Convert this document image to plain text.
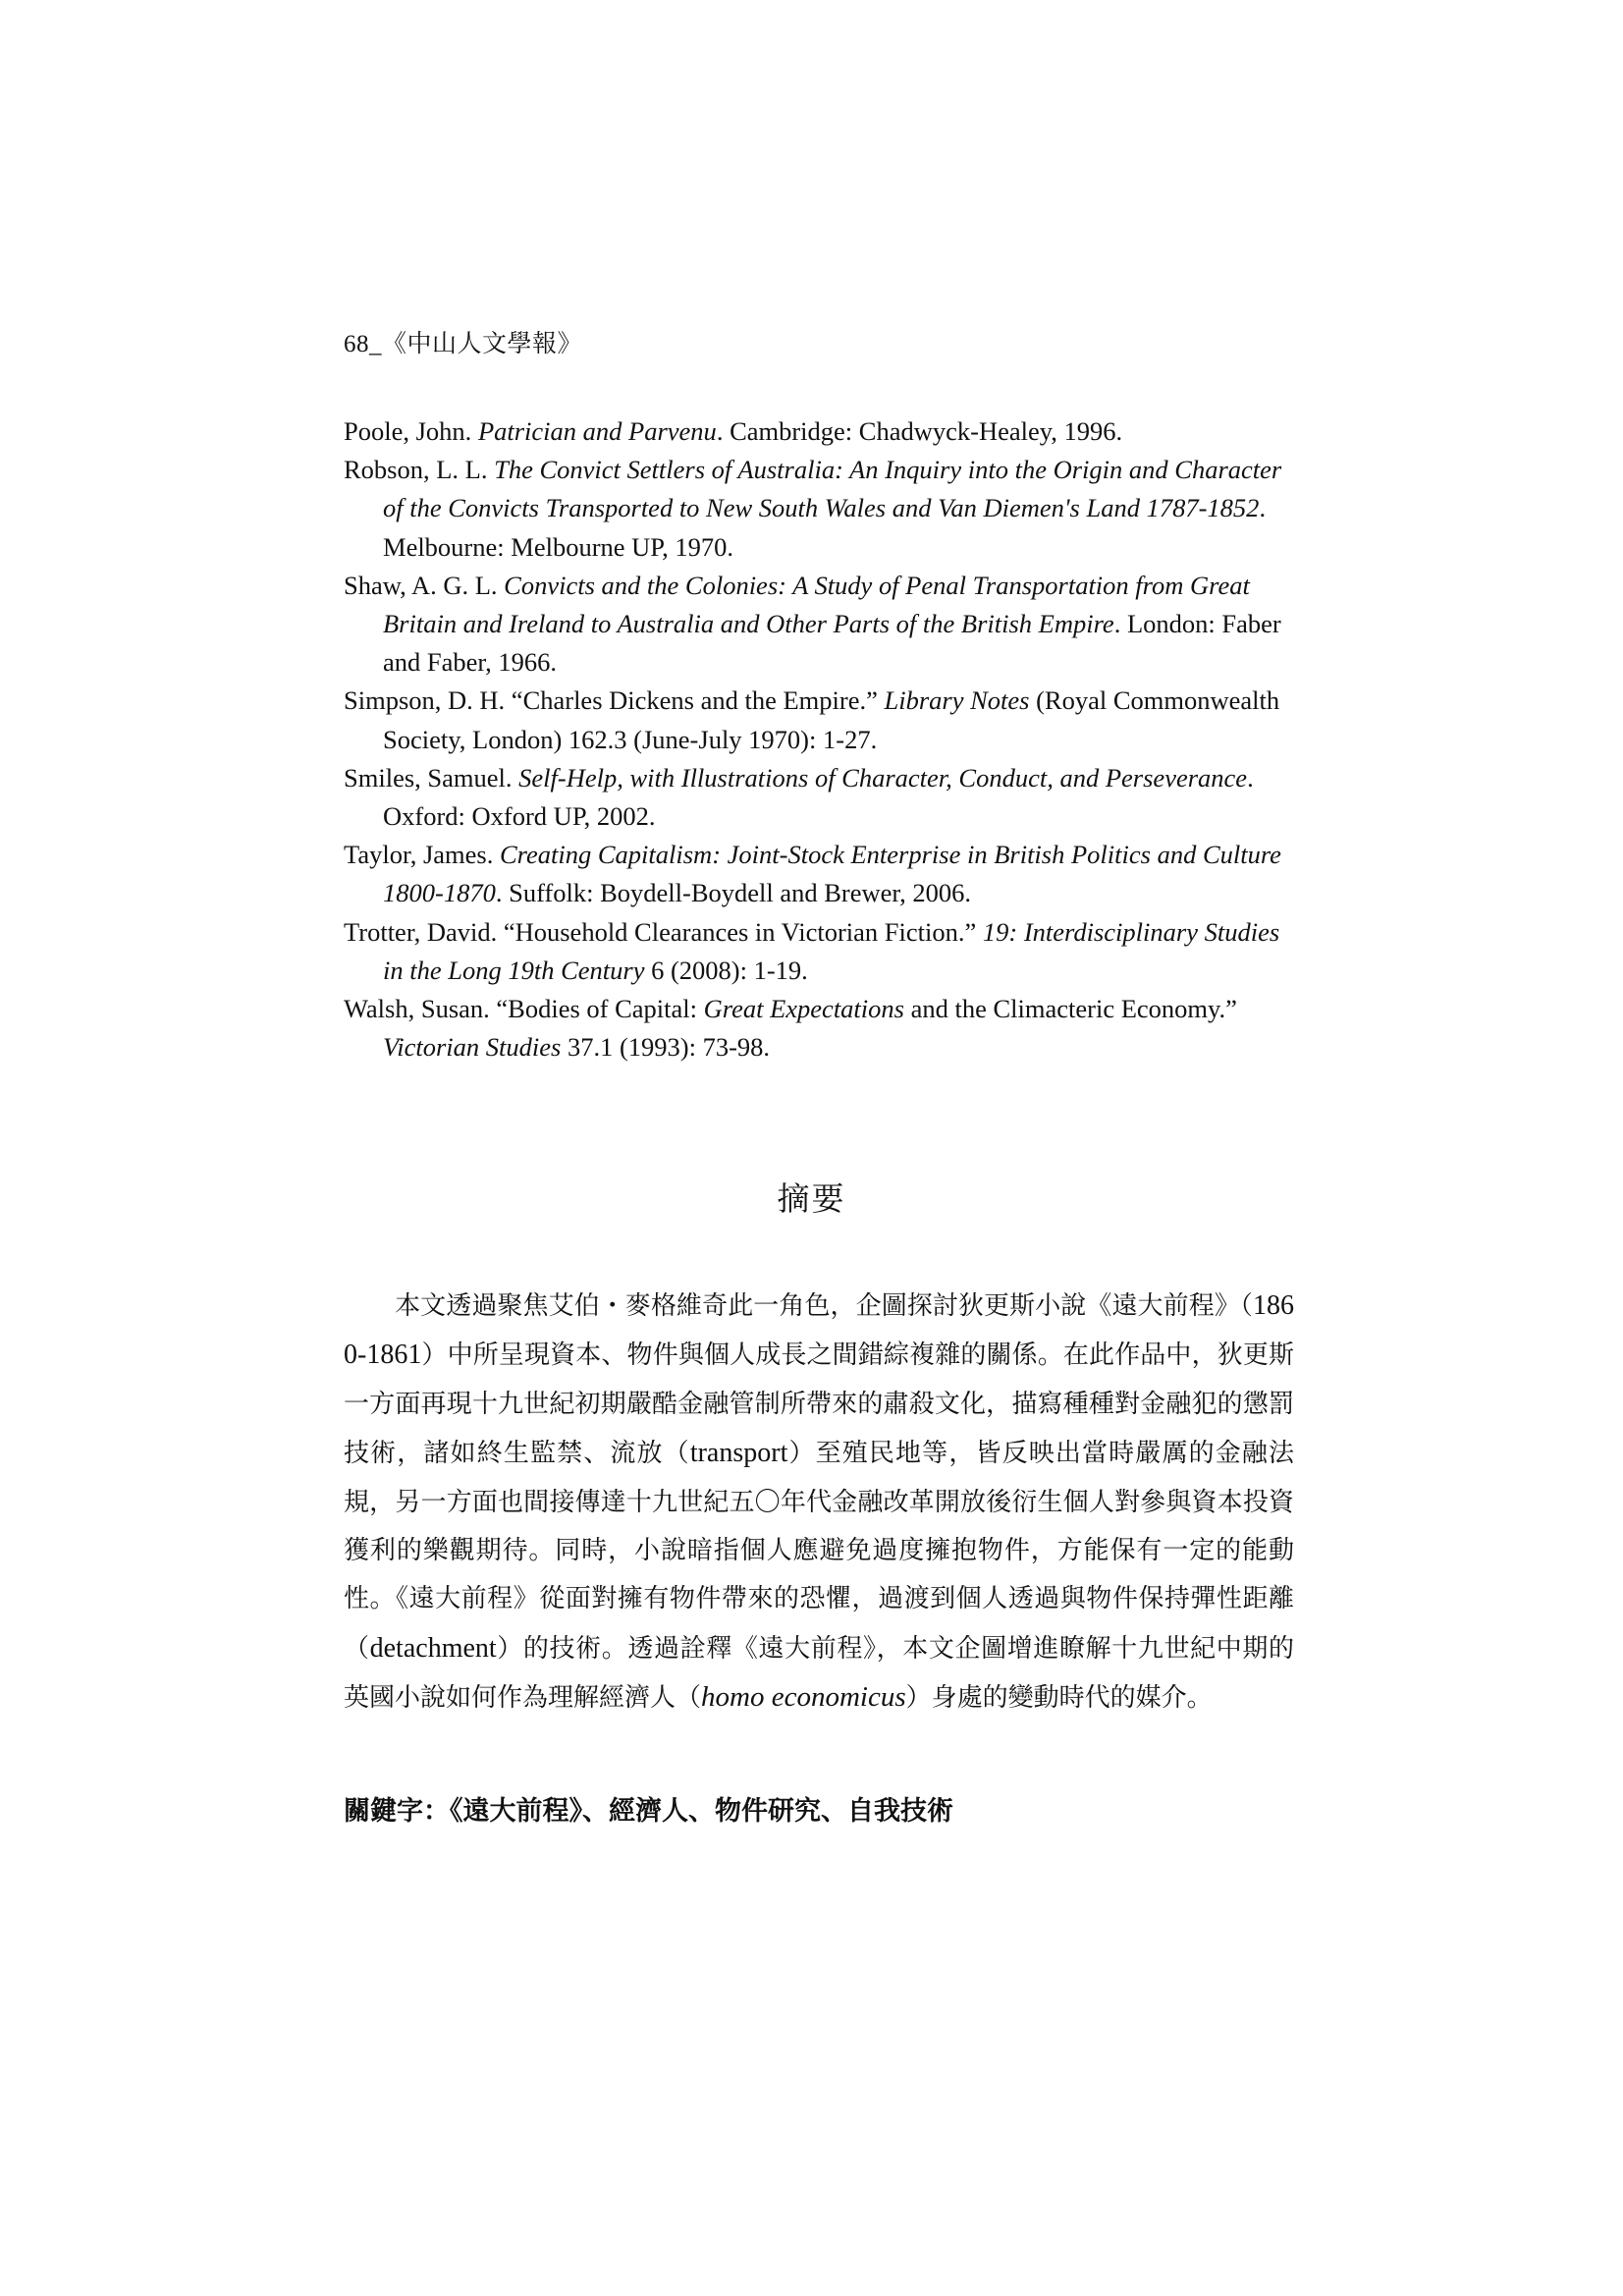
68_《中山人文學報》

Poole, John. Patrician and Parvenu. Cambridge: Chadwyck-Healey, 1996.

Robson, L. L. The Convict Settlers of Australia: An Inquiry into the Origin and Character of the Convicts Transported to New South Wales and Van Diemen's Land 1787-1852. Melbourne: Melbourne UP, 1970.

Shaw, A. G. L. Convicts and the Colonies: A Study of Penal Transportation from Great Britain and Ireland to Australia and Other Parts of the British Empire. London: Faber and Faber, 1966.

Simpson, D. H. “Charles Dickens and the Empire.” Library Notes (Royal Commonwealth Society, London) 162.3 (June-July 1970): 1-27.

Smiles, Samuel. Self-Help, with Illustrations of Character, Conduct, and Perseverance. Oxford: Oxford UP, 2002.

Taylor, James. Creating Capitalism: Joint-Stock Enterprise in British Politics and Culture 1800-1870. Suffolk: Boydell-Boydell and Brewer, 2006.

Trotter, David. “Household Clearances in Victorian Fiction.” 19: Interdisciplinary Studies in the Long 19th Century 6 (2008): 1-19.

Walsh, Susan. “Bodies of Capital: Great Expectations and the Climacteric Economy.” Victorian Studies 37.1 (1993): 73-98.

摘要

本文透過聚焦艾伯・麥格維奇此一角色，企圖探討狄更斯小說《遠大前程》（1860-1861）中所呈現資本、物件與個人成長之間錯綜複雜的關係。在此作品中，狄更斯一方面再現十九世紀初期嚴酷金融管制所帶來的肅殺文化，描寫種種對金融犯的懲罰技術，諸如終生監禁、流放（transport）至殖民地等，皆反映出當時嚴厲的金融法規，另一方面也間接傳達十九世紀五〇年代金融改革開放後衍生個人對參與資本投資獲利的樂觀期待。同時，小說暗指個人應避免過度擁抱物件，方能保有一定的能動性。《遠大前程》從面對擁有物件帶來的恐懼，過渡到個人透過與物件保持彈性距離（detachment）的技術。透過詮釋《遠大前程》，本文企圖增進瞭解十九世紀中期的英國小說如何作為理解經濟人（homo economicus）身處的變動時代的媒介。

關鍵字：《遠大前程》、經濟人、物件研究、自我技術
